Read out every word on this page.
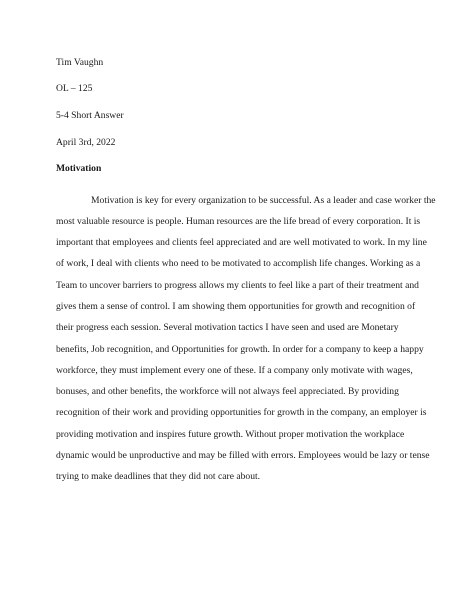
Tim Vaughn

OL – 125

5-4 Short Answer

April 3rd, 2022

Motivation

Motivation is key for every organization to be successful. As a leader and case worker the

most valuable resource is people. Human resources are the life bread of every corporation. It is

important that employees and clients feel appreciated and are well motivated to work. In my line

of work, I deal with clients who need to be motivated to accomplish life changes. Working as a

Team to uncover barriers to progress allows my clients to feel like a part of their treatment and

gives them a sense of control. I am showing them opportunities for growth and recognition of

their progress each session. Several motivation tactics I have seen and used are Monetary

benefits, Job recognition, and Opportunities for growth. In order for a company to keep a happy

workforce, they must implement every one of these. If a company only motivate with wages,

bonuses, and other benefits, the workforce will not always feel appreciated. By providing

recognition of their work and providing opportunities for growth in the company, an employer is

providing motivation and inspires future growth. Without proper motivation the workplace

dynamic would be unproductive and may be filled with errors. Employees would be lazy or tense

trying to make deadlines that they did not care about.
